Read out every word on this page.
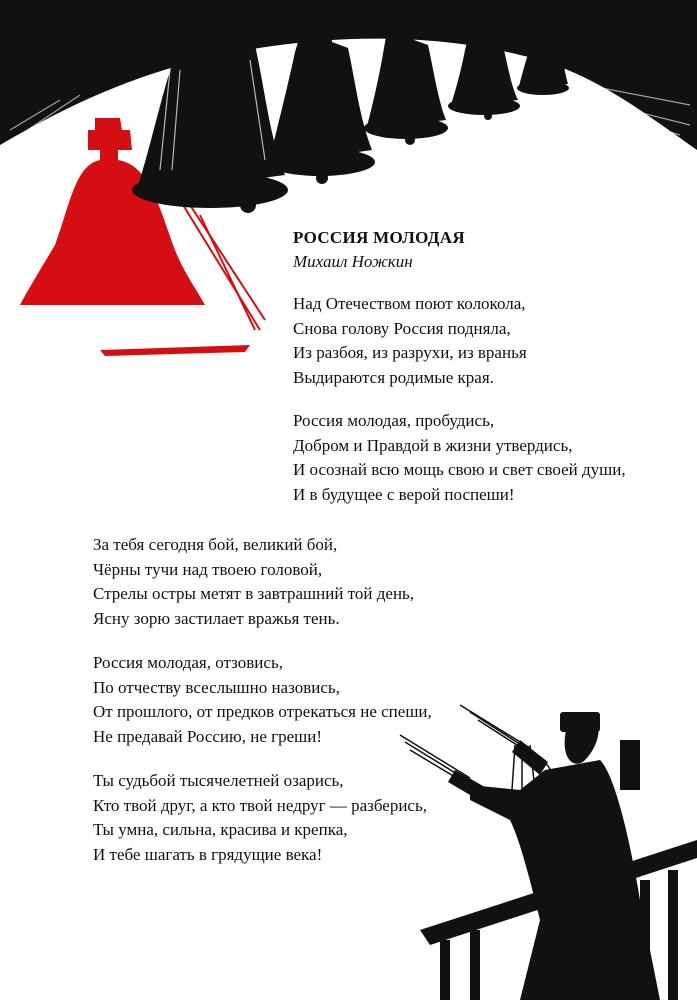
РОССИЯ МОЛОДАЯ
Михаил Ножкин
Над Отечеством поют колокола,
Снова голову Россия подняла,
Из разбоя, из разрухи, из вранья
Выдираются родимые края.
Россия молодая, пробудись,
Добром и Правдой в жизни утвердись,
И осознай всю мощь свою и свет своей души,
И в будущее с верой поспеши!
За тебя сегодня бой, великий бой,
Чёрны тучи над твоею головой,
Стрелы остры метят в завтрашний той день,
Ясну зорю застилает вражья тень.
Россия молодая, отзовись,
По отчеству всеслышно назовись,
От прошлого, от предков отрекаться не спеши,
Не предавай Россию, не греши!
Ты судьбой тысячелетней озарись,
Кто твой друг, а кто твой недруг — разберись,
Ты умна, сильна, красива и крепка,
И тебе шагать в грядущие века!
